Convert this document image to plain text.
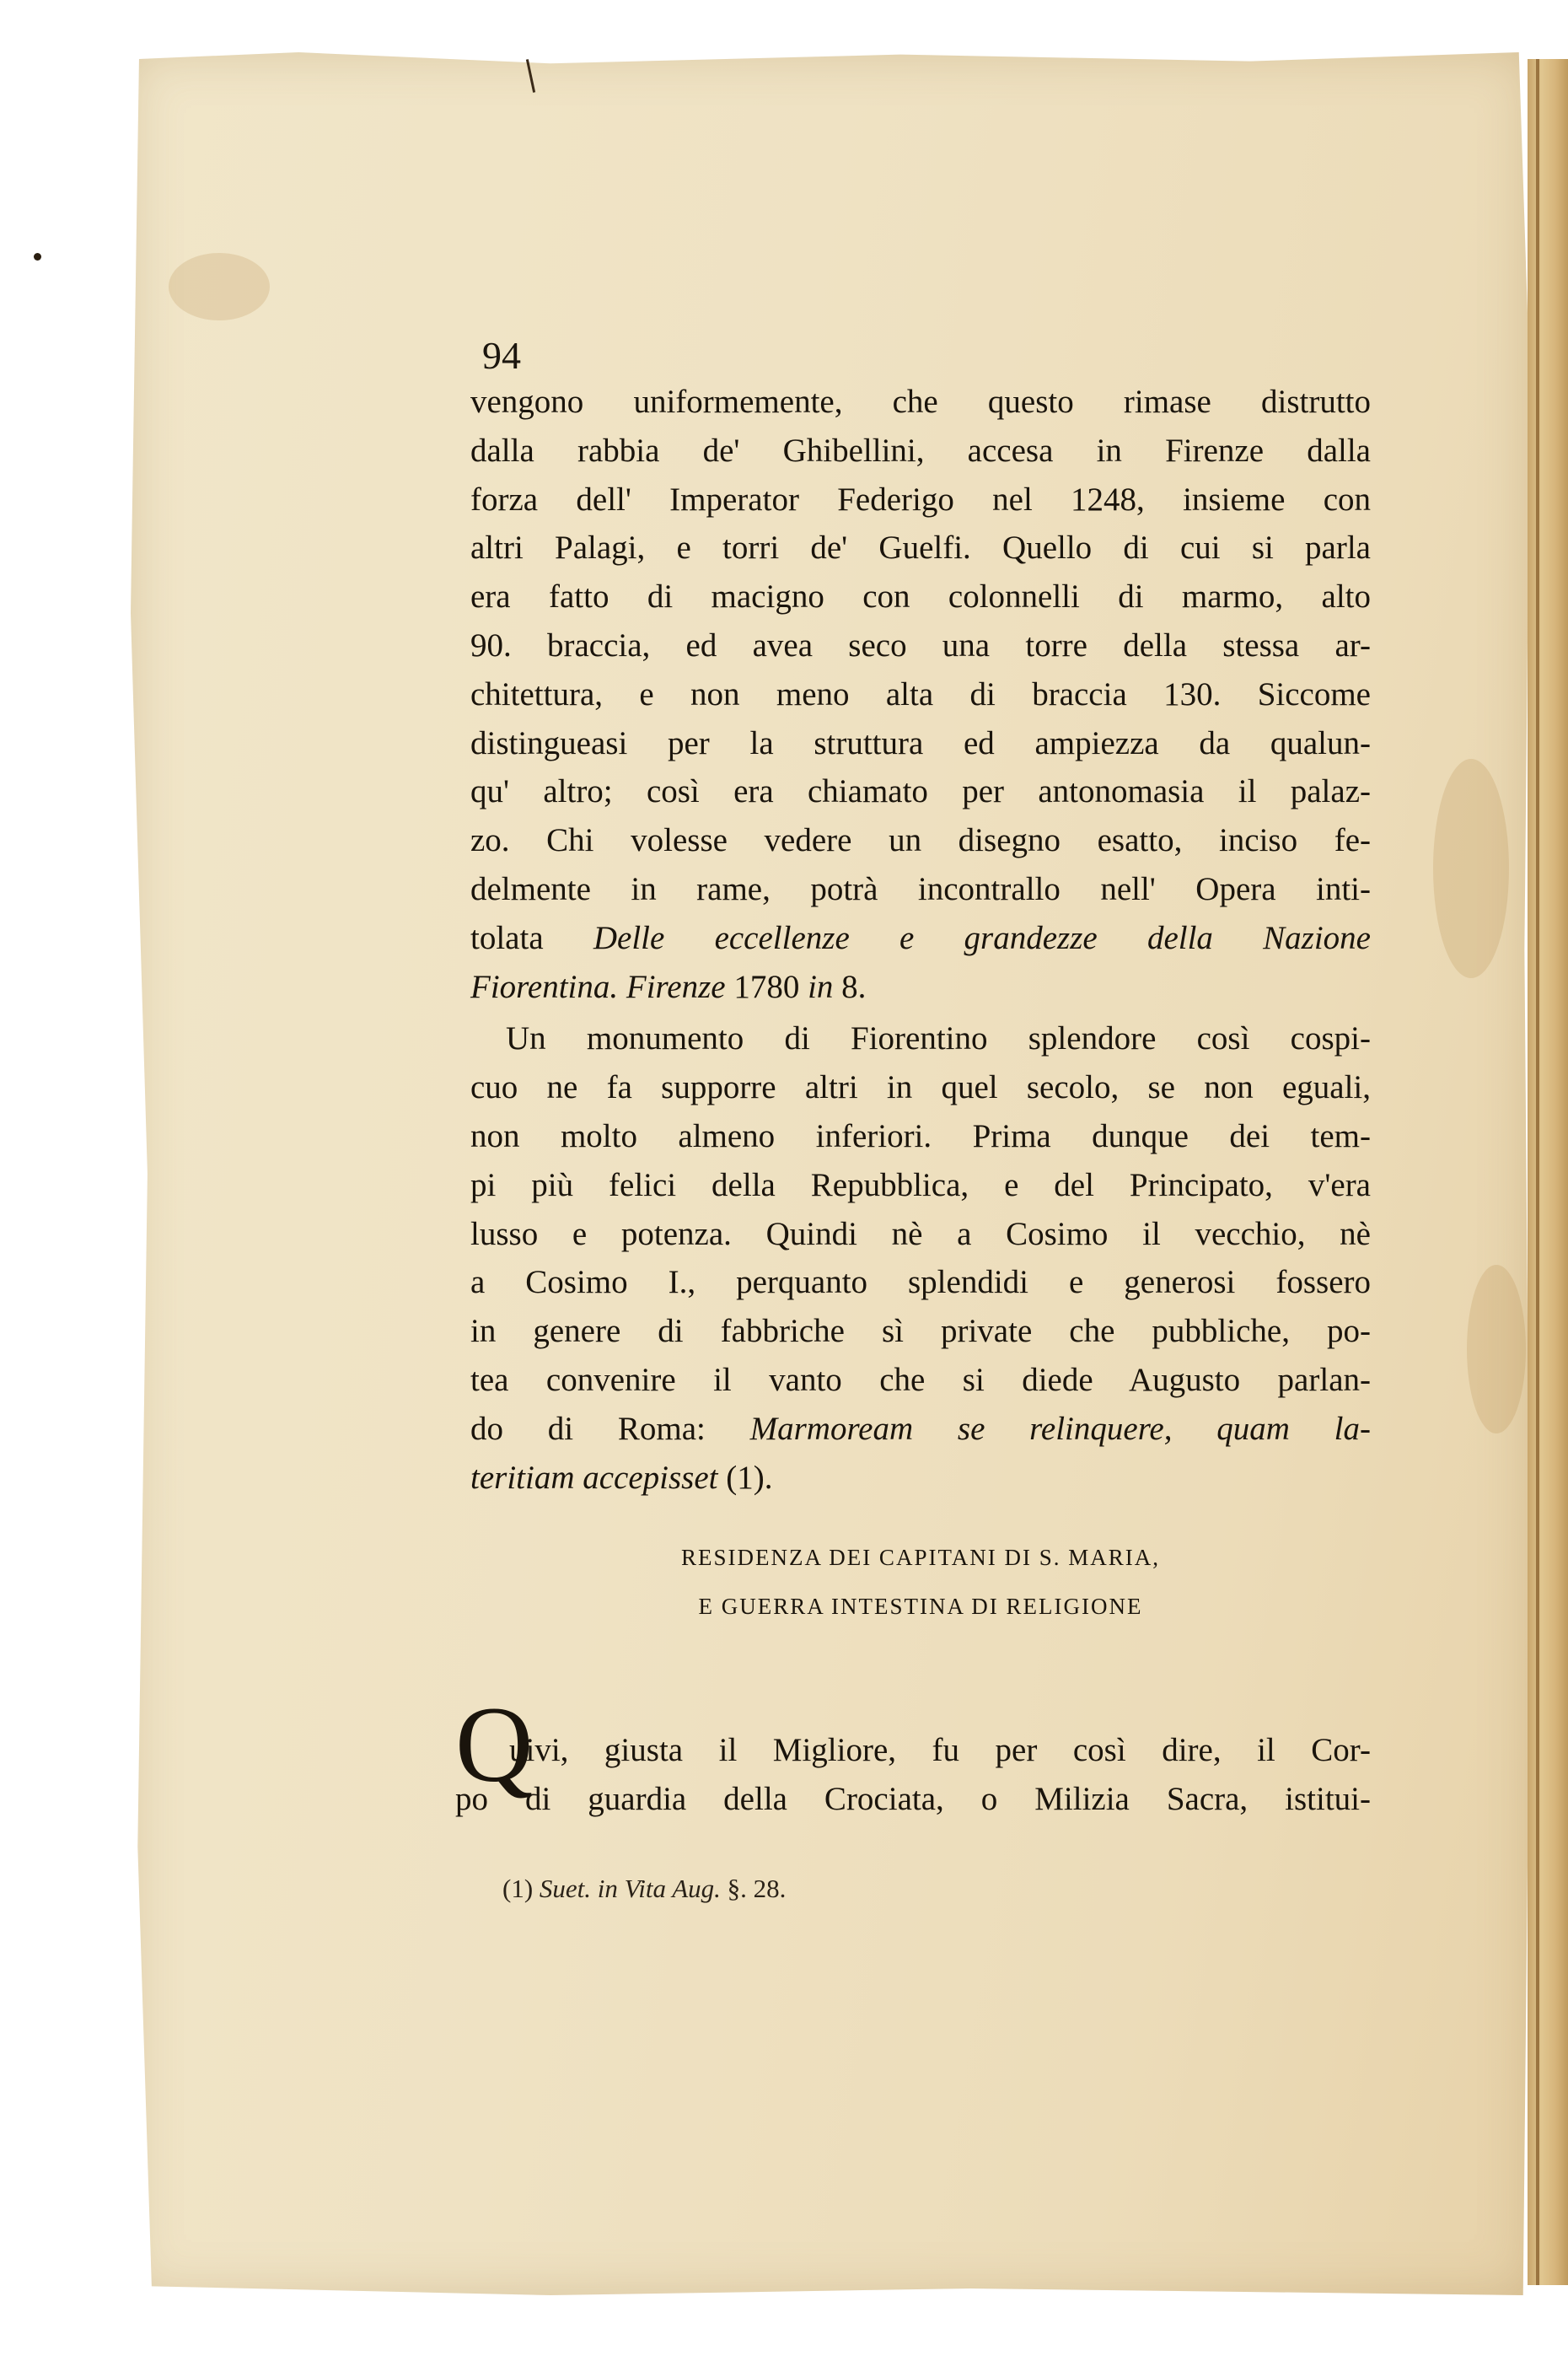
94
vengono uniformemente, che questo rimase distrutto
dalla rabbia de' Ghibellini, accesa in Firenze dalla
forza dell' Imperator Federigo nel 1248, insieme con
altri Palagi, e torri de' Guelfi. Quello di cui si parla
era fatto di macigno con colonnelli di marmo, alto
90. braccia, ed avea seco una torre della stessa ar-
chitettura, e non meno alta di braccia 130. Siccome
distingueasi per la struttura ed ampiezza da qualun-
qu' altro; così era chiamato per antonomasia il palaz-
zo. Chi volesse vedere un disegno esatto, inciso fe-
delmente in rame, potrà incontrallo nell' Opera inti-
tolata Delle eccellenze e grandezze della Nazione
Fiorentina. Firenze 1780 in 8.
Un monumento di Fiorentino splendore così cospi-
cuo ne fa supporre altri in quel secolo, se non eguali,
non molto almeno inferiori. Prima dunque dei tem-
pi più felici della Repubblica, e del Principato, v'era
lusso e potenza. Quindi nè a Cosimo il vecchio, nè
a Cosimo I., perquanto splendidi e generosi fossero
in genere di fabbriche sì private che pubbliche, po-
tea convenire il vanto che si diede Augusto parlan-
do di Roma: Marmoream se relinquere, quam la-
teritiam accepisset (1).
RESIDENZA DEI CAPITANI DI S. MARIA,
E GUERRA INTESTINA DI RELIGIONE
Q
uivi, giusta il Migliore, fu per così dire, il Cor-
po di guardia della Crociata, o Milizia Sacra, istitui-
(1) Suet. in Vita Aug. §. 28.
